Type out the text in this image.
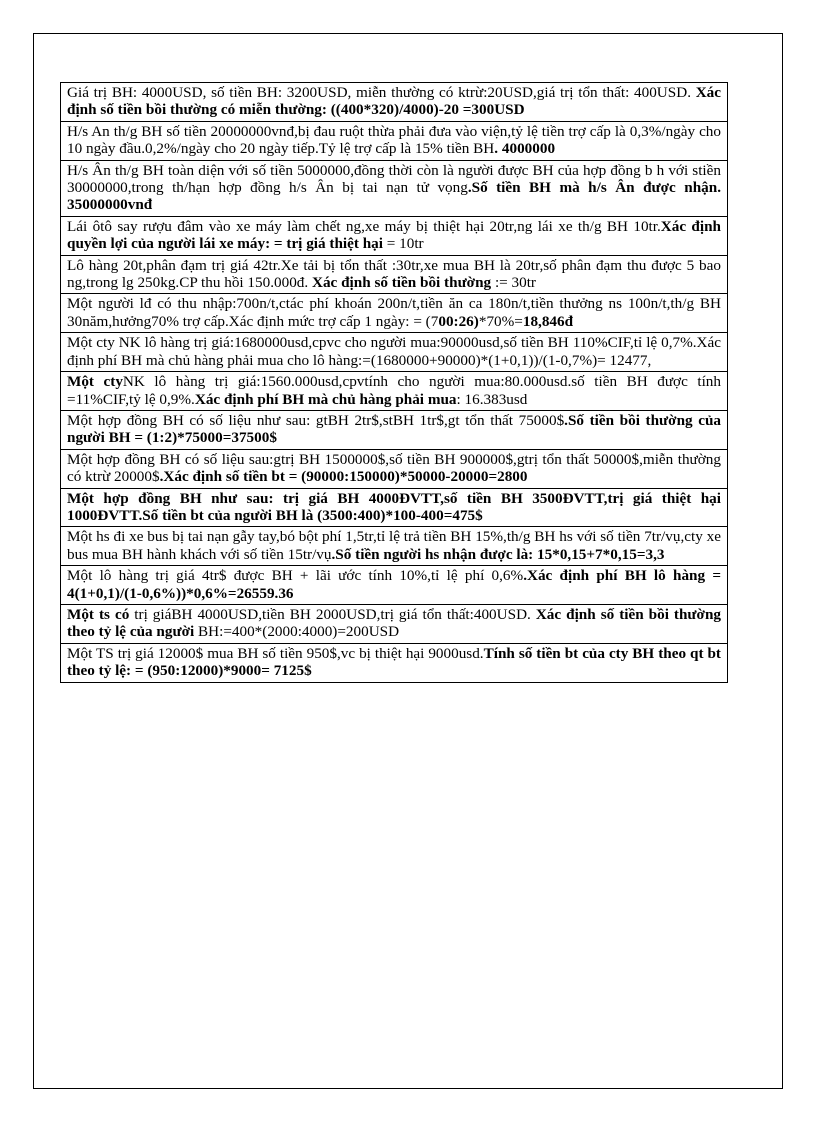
Giá trị BH: 4000USD, số tiền BH: 3200USD, miễn thường có ktrừ:20USD,giá trị tổn thất: 400USD. Xác định số tiền bồi thường có miễn thường: ((400*320)/4000)-20 =300USD
H/s An th/g BH số tiền 20000000vnđ,bị đau ruột thừa phải đưa vào viện,tỷ lệ tiền trợ cấp là 0,3%/ngày cho 10 ngày đầu.0,2%/ngày cho 20 ngày tiếp.Tỷ lệ trợ cấp là 15% tiền BH. 4000000
H/s Ân th/g BH toàn diện với số tiền 5000000,đồng thời còn là người được BH của hợp đồng b h với stiền 30000000,trong th/hạn hợp đồng h/s Ân bị tai nạn tử vọng.Số tiền BH mà h/s Ân được nhận. 35000000vnđ
Lái ôtô say rượu đâm vào xe máy làm chết ng,xe máy bị thiệt hại 20tr,ng lái xe th/g BH 10tr.Xác định quyền lợi của người lái xe máy: = trị giá thiệt hại = 10tr
Lô hàng 20t,phân đạm trị giá 42tr.Xe tải bị tổn thất :30tr,xe mua BH là 20tr,số phân đạm thu được 5 bao ng,trong lg 250kg.CP thu hồi 150.000đ. Xác định số tiền bồi thường := 30tr
Một người lđ có thu nhập:700n/t,ctác phí khoán 200n/t,tiền ăn ca 180n/t,tiền thưởng ns 100n/t,th/g BH 30năm,hưởng70% trợ cấp.Xác định mức trợ cấp 1 ngày: = (700:26)*70%=18,846đ
Một cty NK lô hàng trị giá:1680000usd,cpvc cho người mua:90000usd,số tiền BH 110%CIF,tỉ lệ 0,7%.Xác định phí BH mà chủ hàng phải mua cho lô hàng:=(1680000+90000)*(1+0,1))/(1-0,7%)= 12477,
Một ctyNK lô hàng trị giá:1560.000usd,cpvtính cho người mua:80.000usd.số tiền BH được tính =11%CIF,tỷ lệ 0,9%.Xác định phí BH mà chủ hàng phải mua: 16.383usd
Một hợp đồng BH có số liệu như sau: gtBH 2tr$,stBH 1tr$,gt tổn thất 75000$.Số tiền bồi thường của người BH = (1:2)*75000=37500$
Một hợp đồng BH có số liệu sau:gtrị BH 1500000$,số tiền BH 900000$,gtrị tổn thất 50000$,miễn thường có ktrừ 20000$.Xác định số tiền bt = (90000:150000)*50000-20000=2800
Một hợp đồng BH như sau: trị giá BH 4000ĐVTT,số tiền BH 3500ĐVTT,trị giá thiệt hại 1000ĐVTT.Số tiền bt của người BH là (3500:400)*100-400=475$
Một hs đi xe bus bị tai nạn gẫy tay,bó bột phí 1,5tr,tỉ lệ trả tiền BH 15%,th/g BH hs với số tiền 7tr/vụ,cty xe bus mua BH hành khách với số tiền 15tr/vụ.Số tiền người hs nhận được là: 15*0,15+7*0,15=3,3
Một lô hàng trị giá 4tr$ được BH + lãi ước tính 10%,tỉ lệ phí 0,6%.Xác định phí BH lô hàng = 4(1+0,1)/(1-0,6%))*0,6%=26559.36
Một ts có trị giáBH 4000USD,tiền BH 2000USD,trị giá tổn thất:400USD. Xác định số tiền bồi thường theo tỷ lệ của người BH:=400*(2000:4000)=200USD
Một TS trị giá 12000$ mua BH số tiền 950$,vc bị thiệt hại 9000usd.Tính số tiền bt của cty BH theo qt bt theo tỷ lệ: = (950:12000)*9000= 7125$
